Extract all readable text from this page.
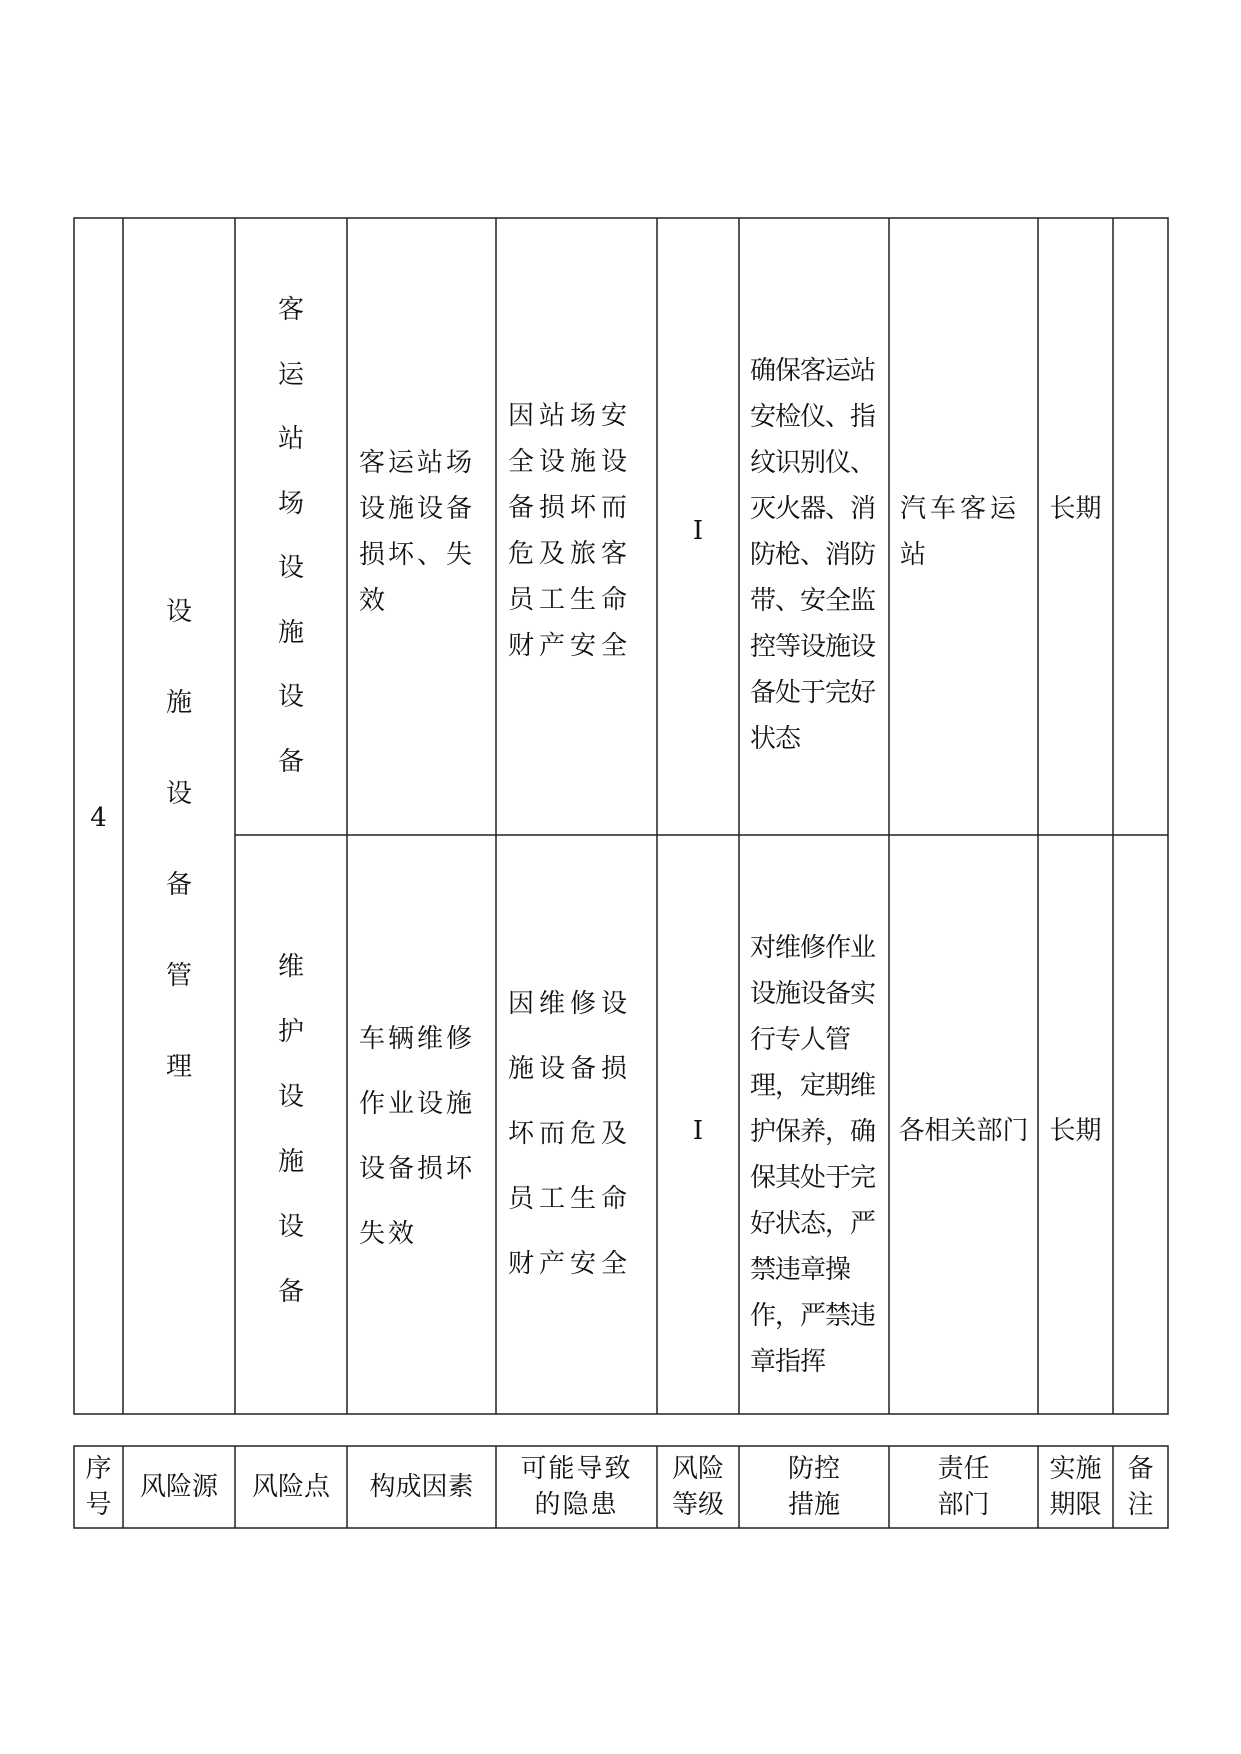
4
设
施
设
备
管
理
客
运
站
场
设
施
设
备
客运站场设施设备损坏、失效
因站场安全设施设备损坏而危及旅客员工生命财产安全
I
确保客运站安检仪、指纹识别仪、灭火器、消防枪、消防带、安全监控等设施设备处于完好状态
汽车客运站
长期
维
护
设
施
设
备
车辆维修作业设施设备损坏失效
因维修设施设备损坏而危及员工生命财产安全
I
对维修作业设施设备实行专人管理，定期维护保养，确保其处于完好状态，严禁违章操作，严禁违章指挥
各相关部门 长期
序
号
风险源	风险点	构成因素
可能导致
的隐患
风险
等级
防控
措施
责任
部门
实施
期限
备
注
